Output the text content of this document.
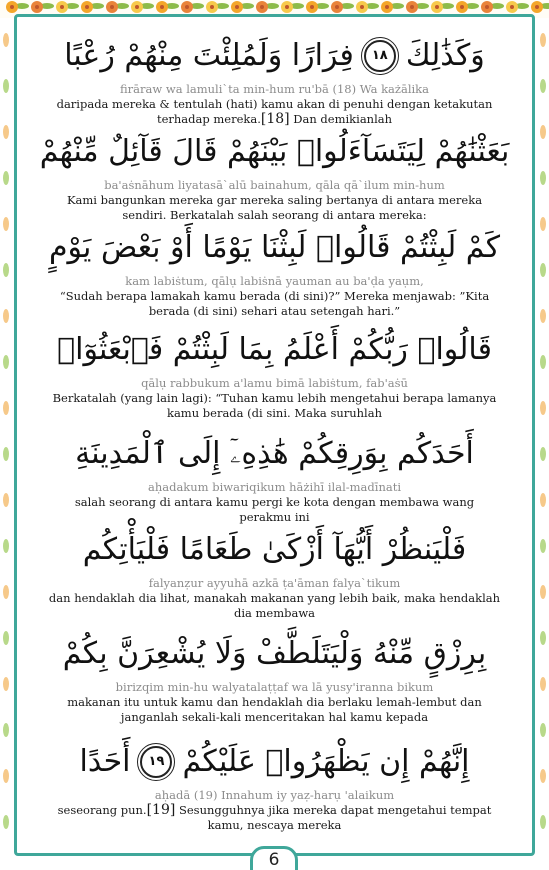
فِرَارًا وَلَمُلِئْتَ مِنْهُمْ رُعْبًا	١٨ وَكَذَٰلِكَ
firāraw wa lamuli`ta min-hum ru'bā (18) Wa każālika
daripada mereka & tentulah (hati) kamu akan di penuhi dengan ketakutan terhadap mereka.[18] Dan demikianlah
بَعَثْنَٰهُمْ لِيَتَسَآءَلُوا۟ بَيْنَهُمْ قَالَ قَآئِلٌ مِّنْهُمْ
ba'aṡnāhum liyatasā`alū bainahum, qāla qā`ilum min-hum
Kami bangunkan mereka gar mereka saling bertanya di antara mereka sendiri. Berkatalah salah seorang di antara mereka:
كَمْ لَبِثْتُمْ قَالُوا۟ لَبِثْنَا يَوْمًا أَوْ بَعْضَ يَوْمٍ
kam labiṡtum, qālụ labiṡnā yauman au ba'ḍa yaụm,
“Sudah berapa lamakah kamu berada (di sini)?” Mereka menjawab: ”Kita berada (di sini) sehari atau setengah hari.”
قَالُوا۟ رَبُّكُمْ أَعْلَمُ بِمَا لَبِثْتُمْ فَٱبْعَثُوٓا۟
qālụ rabbukum a'lamu bimā labiṡtum, fab'aṡū
Berkatalah (yang lain lagi): “Tuhan kamu lebih mengetahui berapa lamanya kamu berada (di sini. Maka suruhlah
أَحَدَكُم بِوَرِقِكُمْ هَٰذِهِۦٓ إِلَى ٱلْمَدِينَةِ
aḥadakum biwariqikum hāżihī ilal-madīnati
salah seorang di antara kamu pergi ke kota dengan membawa wang perakmu ini
فَلْيَنظُرْ أَيُّهَآ أَزْكَىٰ طَعَامًا فَلْيَأْتِكُم
falyanẓur ayyuhā azkā ṭa'āman falya`tikum
dan hendaklah dia lihat, manakah makanan yang lebih baik, maka hendaklah dia membawa
بِرِزْقٍ مِّنْهُ وَلْيَتَلَطَّفْ وَلَا يُشْعِرَنَّ بِكُمْ
birizqim min-hu walyatalaṭṭaf wa lā yusy'iranna bikum
makanan itu untuk kamu dan hendaklah dia berlaku lemah-lembut dan janganlah sekali-kali menceritakan hal kamu kepada
أَحَدًا	١٩ إِنَّهُمْ إِن يَظْهَرُوا۟ عَلَيْكُمْ
aḥadā (19) Innahum iy yaẓ-harụ 'alaikum
seseorang pun.[19] Sesungguhnya jika mereka dapat mengetahui tempat kamu, nescaya mereka
6
